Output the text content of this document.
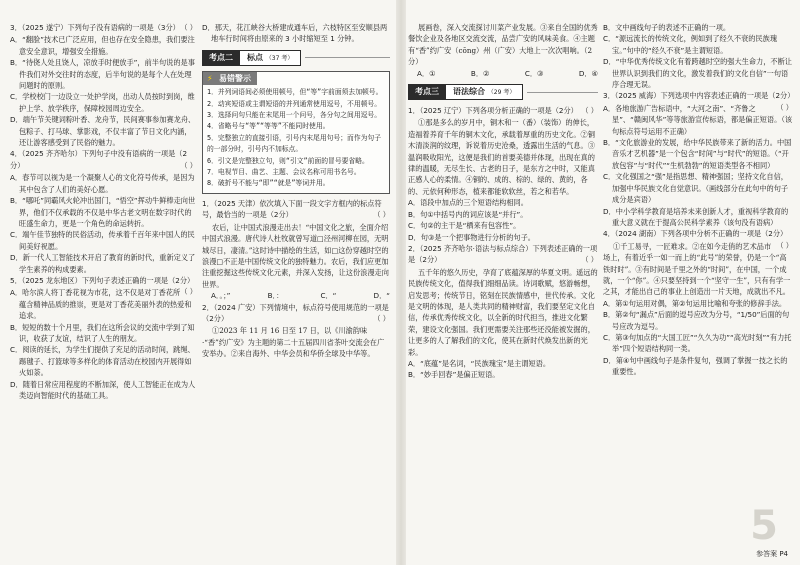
3．（2025 遂宁）下列句子没有语病的一项是（3分） （ ）

A．“翻脸”技术已广泛应用，但也存在安全隐患，我们要注意安全意识，增强安全措施。

B．“待侥人处且饶人，凉放手时便放手”，前半句说的是事件我们对外交往时的态度，后半句说的是每个人在处理问题时的原则。

C．学校校门一边设立一处护学岗，出动人员按时到岗，维护上学、放学秩序，保障校园周边安全。

D．端午节关键词粽叶香、龙舟节，民间赛事参加赛龙舟、包粽子、打马球、掌影戏，不仅丰富了节日文化内涵，还让游客感受到了民俗的魅力。

4．（2025 齐齐哈尔）下列句子中没有语病的一项是（2分）	（ ）

A．春节可以视为是一个凝聚人心的文化符号传承，是因为其中包含了人们的美好心愿。

B．“哪吒”同霸风火轮冲出国门，“悟空”挥动牛鲜棒走向世界，他们不仅承载的不仅是中华古老文明在数字时代的旺盛生命力，更是一个角色的命运转折。

C．端午佳节独特的民俗活动，传承着千百年来中国人的民间美好祝愿。

D．新一代人工智能技术开启了教育的新时代，重新定义了学生素养的构成要素。

5．（2025 龙东地区）下列句子表述正确的一项是（2分）
（ ）

A．哈尔滨人将丁香花视为市花，这不仅是对丁香花所蕴含精神品质的推崇，更是对丁香花美丽外表的热爱和追求。

B．短短的数十个月里，我们在这所会议的交流中学到了知识，收获了友谊，结识了人生的朋友。

C．阅读的延长，为学生们提供了充足的活动时间，跳绳、踢毽子、打篮球等多样化的体育活动在校园内开展得如火如荼。

D．随着日常应用程度的不断加深，使人工智能正在成为人类迈向智能时代的基础工具。

D．那天，花江峡谷大桥建成通车后，六枝特区至安顺县两地车行时间将由原来的 3 小时缩短至 1 分钟。

考点二	标点 （37 考）
⚡ 易错警示

1．并列词语间必须使用顿号，但“等”字前面须去加顿号。

2．动宾短语或主谓短语的并列通常使用逗号，不用顿号。

3．选择问句只能在末尾用一个问号，各分句之间用逗号。

4．省略号与“等”“等等”不能同时使用。

5．完整独立的直接引语，引号内末尾用句号；而作为句子的一部分时，引号内不加标点。

6．引文是完整独立句，则“引文”前面的冒号要省略。

7．电视节目、曲艺、主题、会议名称可用书名号。

8．破折号不能与“即”“就是”等词并用。

1．（2025 天津）依次填入下面一段文字方框内的标点符号，最恰当的一项是（2分）	（ ）

农后，让中国式浪漫走出去！“中国文化之旅，全面介绍中国式浪漫。唐代诗人杜牧就曾写道□泾州河柳在园，无明城尽日，凄清。”这时诗中描绘的生活，如□这份穿越时空的浪漫□不正是中国传统文化的独特魅力。农后，我们应更加注重挖掘这些传统文化元素，并深入发扬，让这份浪漫走向世界。

A．。；”	B．：	C．“	D．“

2．（2024 广安）下列情境中，标点符号使用规范的一项是（2分）	（ ）

①2023 年 11 月 16 日至 17 日，以《川渝韵味·“香”约广安》为主题的第二十五届四川省茶叶交流会在广安举办。②来自海外、中华会员和华侨全球及中华等。

展画卷，深入交流探讨川菜产业发展。③来自全国的优秀餐饮企业及各地区交流交流，品尝广安的风味美食。④主题有“香”约广安（cōng）州（广安）大地上一次次唱响。（2分）

A．①	B．②	C．③	D．④
考点三	语法综合 （29 考）

1．（2025 辽宁）下列各项分析正确的一项是（2分） （ ）

①那是多么的岁月中，铜木和一（番）（装饰）的伸长，造福着养育千年的铜木文化，承载着厚重的历史文化。②铜木清淡润的纹理，诉说着历史沧桑，透露出生活的气息。③温润吸收阳光，这便是我们的首要美德并体现，出现在真的律的温暖，无尽生长、古老的日子，是东方之中时，又能真正感人心的柔情。④铜的、成的、棕的、绿的、黄的，各的、元依何种形态，植来都能软软丝，若之和若华。

A．语段中加点的三个短语结构相同。

B．句①中括号内的词应该是“并行”。

C．句②的主干是“栖来有包容性”。

D．句③是一个把事物进行分析的句子。

2．（2025 齐齐哈尔·语法与标点综合）下列表述正确的一项是（2分）	（ ）

五千年的悠久历史，孕育了底蕴深厚的华夏文明。遥远的民族传统文化，值得我们细细品读。诗词歌赋，悠游畅想，启发思考；传统节日，铭刻在民族情感中，世代传承。文化是文明的体现，是人类共同的精神财富，我们要坚定文化自信，传承优秀传统文化，以全新的时代担当，推进文化繁荣，建设文化强国。我们更需要关注那些还没能被发掘的，让更多的人了解我们的文化，使其在新时代焕发出新的光彩。

A．“底蕴”是名词，“民族瑰宝”是主谓短语。

B．“妙手回春”是偏正短语。

B．文中画线句子的表述不正确的一项。

C．“源远流长的传统文化，例如到了经久不衰的民族瑰宝。”句中的“经久不衰”是主谓短语。

D．“中华优秀传统文化有着跨越时空的强大生命力，不断让世界认识到我们的文化，激发着我们的文化自信”一句语序合理无误。

3．（2025 威海）下列选项中内容表述正确的一项是（2分）
（ ）

A．各地旅游广告标语中，“大河之南”、“齐鲁之星”、“赣闽风华”等等旅游宣传标语，都是偏正短语。（该句标点符号运用不正确）

B．“文化旅游业的发展，给中华民族带来了新的活力。中国音乐才艺机器”是一个包含“时间”与“时代”的短语。（“开放包容”与“时代”“生机勃勃”的短语类型各不相同）

C．文化强国之“强”是指思想、精神强国；坚持文化自信，加强中华民族文化自觉意识。（画线部分在此句中的句子成分是宾语）

D．中小学科学教育是培养未来创新人才，重视科学教育的重大意义就在于提高公民科学素养（该句没有语病）

4．（2024 湖南）下列各项中分析不正确的一项是（2分）
（ ）

①千工易寻，一匠难求。②在如今走俏的艺术品市场上，有着近乎一如一而上的“此号”的荣誉，仍是一个“高铁时时”。③有时间是千里之外的“时间”，在中国，一个成就，一个“你”。④只要坚持到一个“坚守一生”，只有有学一之其，才能出自己的事业上创造出一片天地，成就出不凡。

A．第①句运用对偶，第②句运用比喻和夸张的修辞手法。

B．第②句“漏点”后面的逗号应改为分号，“1/50”后面的句号应改为逗号。

C．第③句加点的“大国工匠”“久久为功”“高光时刻”“有力托举”四个短语结构同一类。

D．第④句中画线句子是条件复句，强调了掌握一技之长的重要性。

5
参答案 P4
